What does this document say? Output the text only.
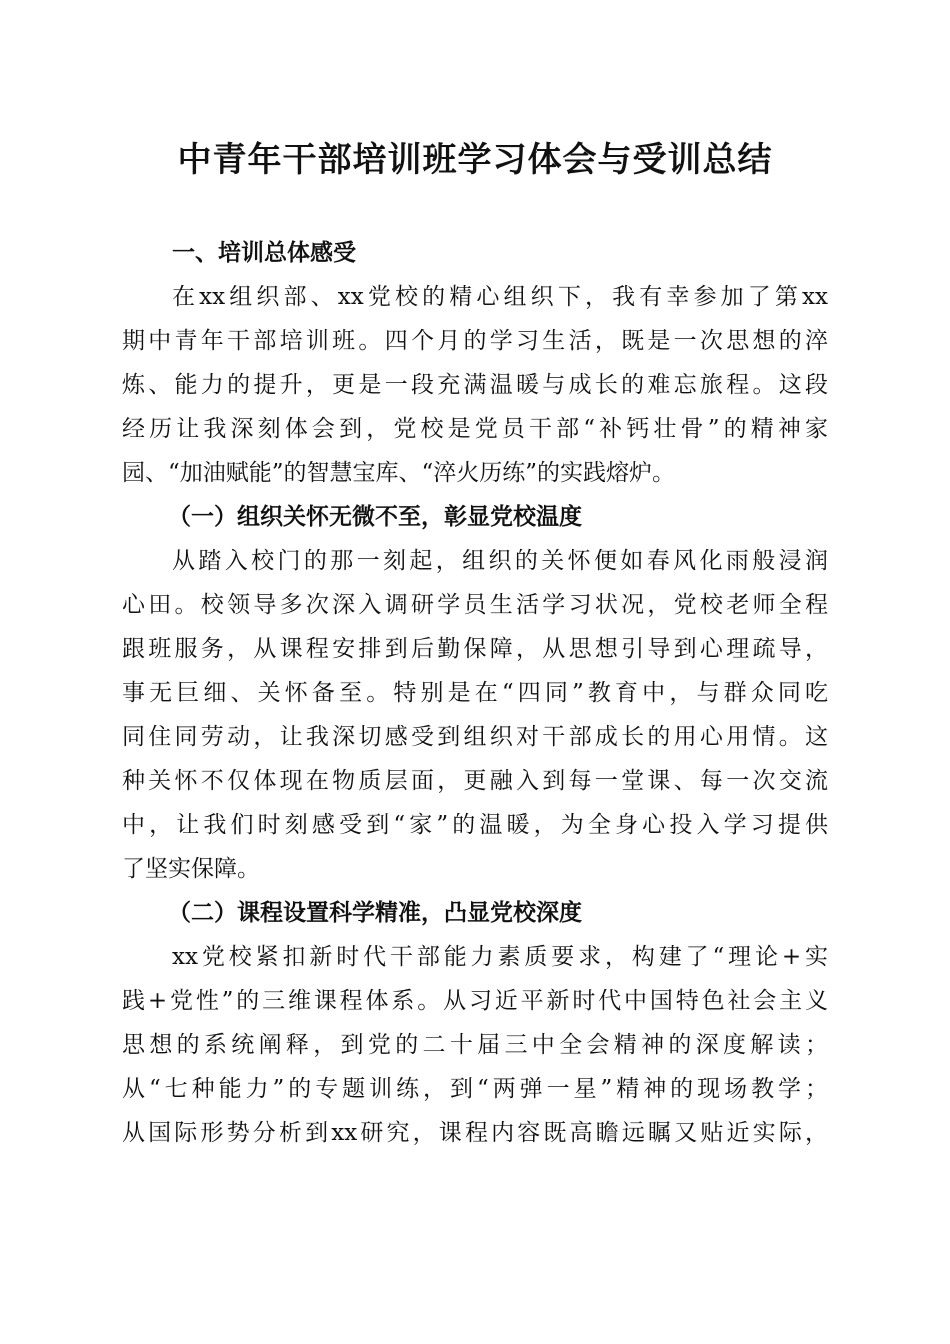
中青年干部培训班学习体会与受训总结
一、培训总体感受
在xx组织部、xx党校的精心组织下，我有幸参加了第xx
期中青年干部培训班。四个月的学习生活，既是一次思想的淬
炼、能力的提升，更是一段充满温暖与成长的难忘旅程。这段
经历让我深刻体会到，党校是党员干部“补钙壮骨”的精神家
园、“加油赋能”的智慧宝库、“淬火历练”的实践熔炉。
（一）组织关怀无微不至，彰显党校温度
从踏入校门的那一刻起，组织的关怀便如春风化雨般浸润
心田。校领导多次深入调研学员生活学习状况，党校老师全程
跟班服务，从课程安排到后勤保障，从思想引导到心理疏导，
事无巨细、关怀备至。特别是在“四同”教育中，与群众同吃
同住同劳动，让我深切感受到组织对干部成长的用心用情。这
种关怀不仅体现在物质层面，更融入到每一堂课、每一次交流
中，让我们时刻感受到“家”的温暖，为全身心投入学习提供
了坚实保障。
（二）课程设置科学精准，凸显党校深度
xx党校紧扣新时代干部能力素质要求，构建了“理论+实
践+党性”的三维课程体系。从习近平新时代中国特色社会主义
思想的系统阐释，到党的二十届三中全会精神的深度解读；
从“七种能力”的专题训练，到“两弹一星”精神的现场教学；
从国际形势分析到xx研究，课程内容既高瞻远瞩又贴近实际，
